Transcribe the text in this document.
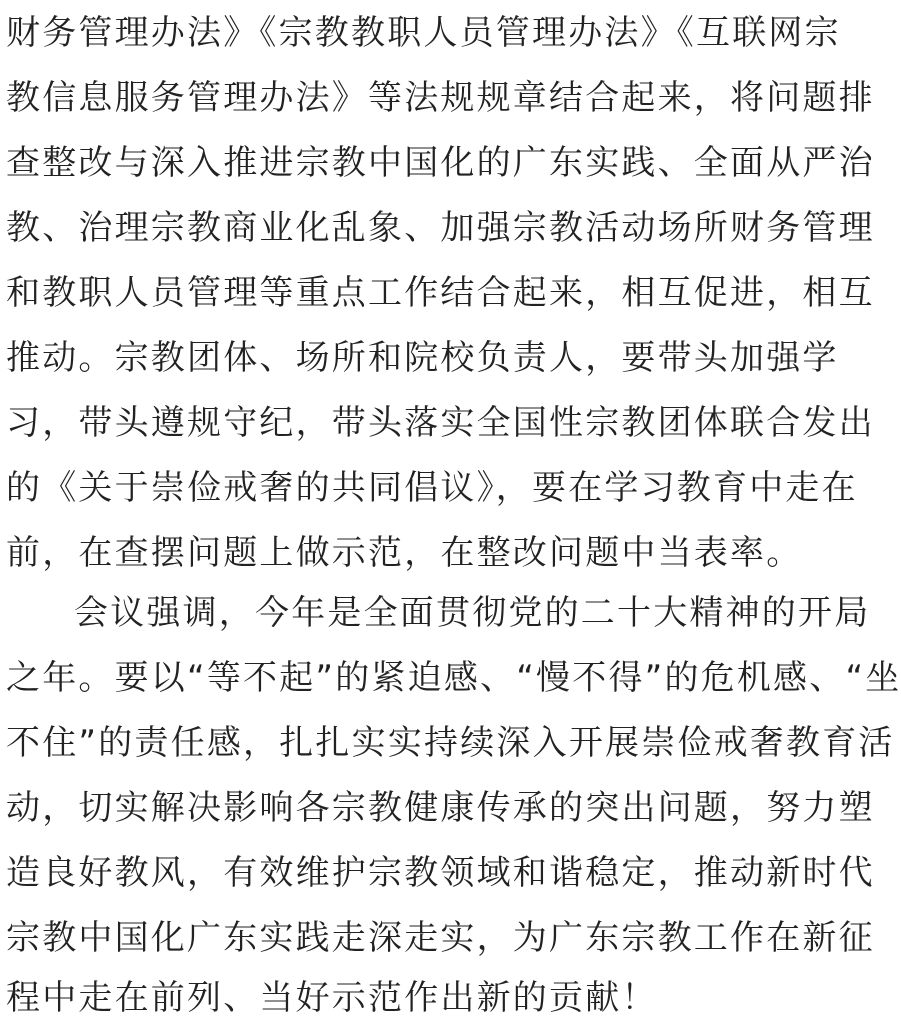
财务管理办法》《宗教教职人员管理办法》《互联网宗
教信息服务管理办法》等法规规章结合起来，将问题排
查整改与深入推进宗教中国化的广东实践、全面从严治
教、治理宗教商业化乱象、加强宗教活动场所财务管理
和教职人员管理等重点工作结合起来，相互促进，相互
推动。宗教团体、场所和院校负责人，要带头加强学
习，带头遵规守纪，带头落实全国性宗教团体联合发出
的《关于崇俭戒奢的共同倡议》，要在学习教育中走在
前，在查摆问题上做示范，在整改问题中当表率。
会议强调，今年是全面贯彻党的二十大精神的开局
之年。要以“等不起”的紧迫感、“慢不得”的危机感、“坐
不住”的责任感，扎扎实实持续深入开展崇俭戒奢教育活
动，切实解决影响各宗教健康传承的突出问题，努力塑
造良好教风，有效维护宗教领域和谐稳定，推动新时代
宗教中国化广东实践走深走实，为广东宗教工作在新征
程中走在前列、当好示范作出新的贡献！
